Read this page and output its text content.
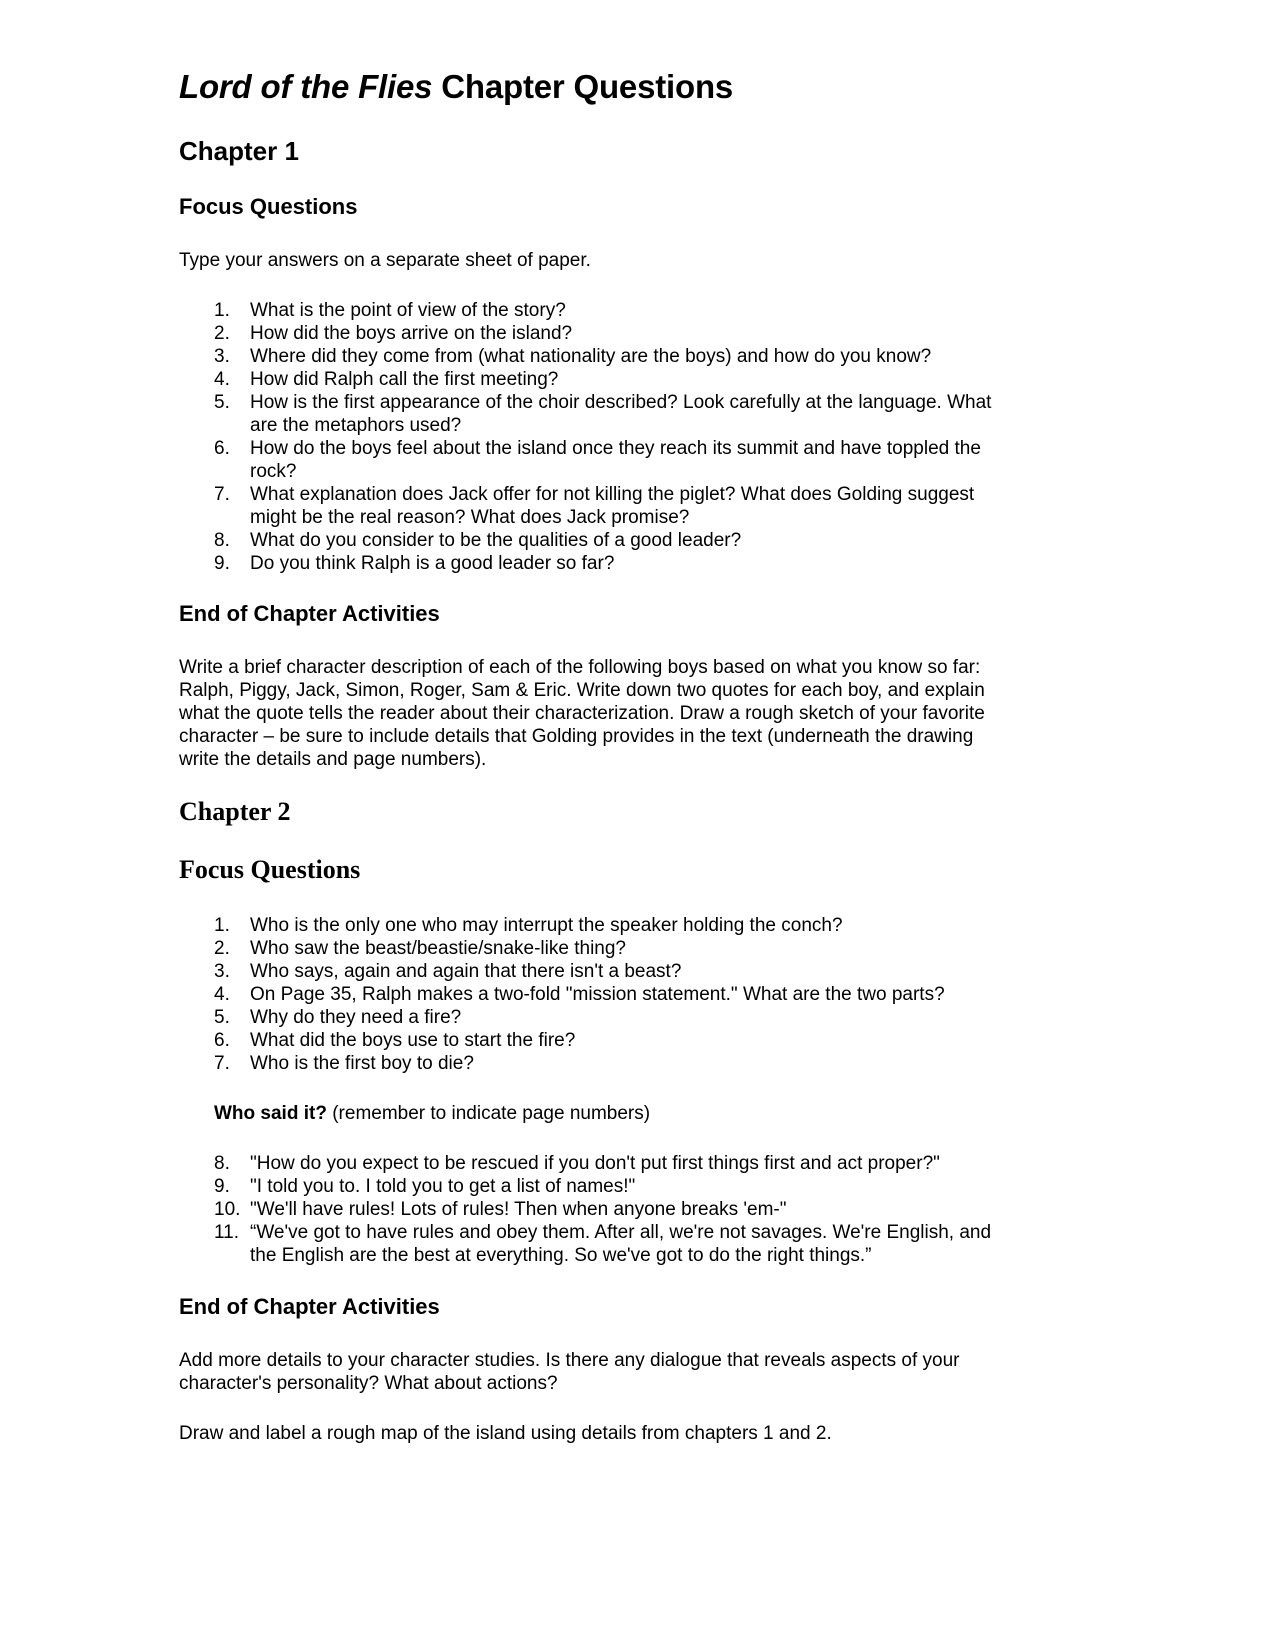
Lord of the Flies Chapter Questions
Chapter 1
Focus Questions
Type your answers on a separate sheet of paper.
1. What is the point of view of the story?
2. How did the boys arrive on the island?
3. Where did they come from (what nationality are the boys) and how do you know?
4. How did Ralph call the first meeting?
5. How is the first appearance of the choir described? Look carefully at the language. What
are the metaphors used?
6. How do the boys feel about the island once they reach its summit and have toppled the
rock?
7. What explanation does Jack offer for not killing the piglet? What does Golding suggest
might be the real reason? What does Jack promise?
8. What do you consider to be the qualities of a good leader?
9. Do you think Ralph is a good leader so far?
End of Chapter Activities
Write a brief character description of each of the following boys based on what you know so far:
Ralph, Piggy, Jack, Simon, Roger, Sam & Eric. Write down two quotes for each boy, and explain
what the quote tells the reader about their characterization. Draw a rough sketch of your favorite
character – be sure to include details that Golding provides in the text (underneath the drawing
write the details and page numbers).
Chapter 2
Focus Questions
1. Who is the only one who may interrupt the speaker holding the conch?
2. Who saw the beast/beastie/snake-like thing?
3. Who says, again and again that there isn't a beast?
4. On Page 35, Ralph makes a two-fold "mission statement." What are the two parts?
5. Why do they need a fire?
6. What did the boys use to start the fire?
7. Who is the first boy to die?
Who said it? (remember to indicate page numbers)
8. "How do you expect to be rescued if you don't put first things first and act proper?"
9. "I told you to. I told you to get a list of names!"
10. "We'll have rules! Lots of rules! Then when anyone breaks 'em-"
11. “We've got to have rules and obey them. After all, we're not savages. We're English, and
the English are the best at everything. So we've got to do the right things.”
End of Chapter Activities
Add more details to your character studies. Is there any dialogue that reveals aspects of your
character's personality? What about actions?
Draw and label a rough map of the island using details from chapters 1 and 2.
